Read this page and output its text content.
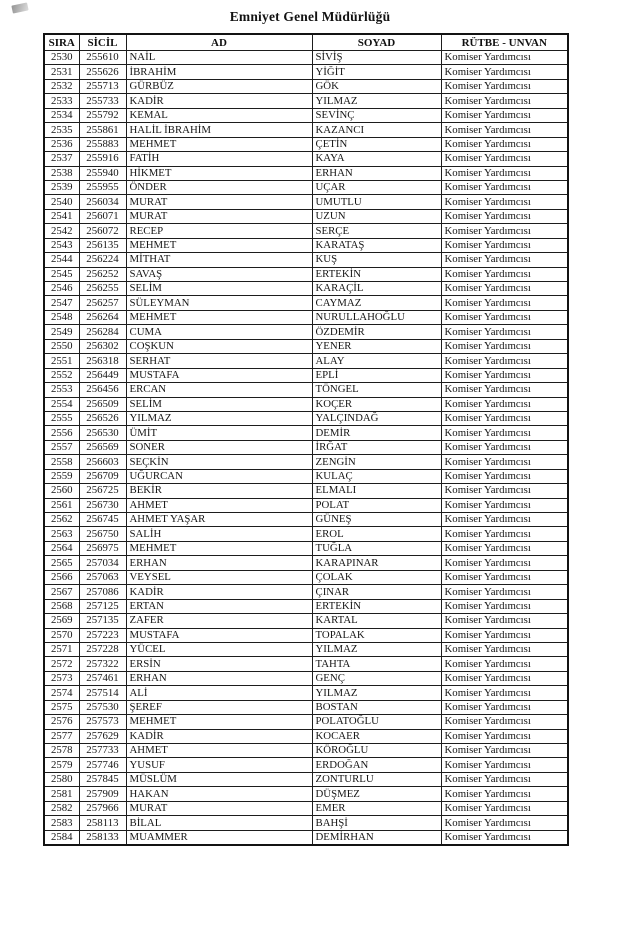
Emniyet Genel Müdürlüğü
SIRA	SİCİL	AD	SOYAD	RÜTBE - UNVAN
2530	255610	NAİL	SİVİŞ	Komiser Yardımcısı
2531	255626	İBRAHİM	YİĞİT	Komiser Yardımcısı
2532	255713	GÜRBÜZ	GÖK	Komiser Yardımcısı
2533	255733	KADİR	YILMAZ	Komiser Yardımcısı
2534	255792	KEMAL	SEVİNÇ	Komiser Yardımcısı
2535	255861	HALİL İBRAHİM	KAZANCI	Komiser Yardımcısı
2536	255883	MEHMET	ÇETİN	Komiser Yardımcısı
2537	255916	FATİH	KAYA	Komiser Yardımcısı
2538	255940	HİKMET	ERHAN	Komiser Yardımcısı
2539	255955	ÖNDER	UÇAR	Komiser Yardımcısı
2540	256034	MURAT	UMUTLU	Komiser Yardımcısı
2541	256071	MURAT	UZUN	Komiser Yardımcısı
2542	256072	RECEP	SERÇE	Komiser Yardımcısı
2543	256135	MEHMET	KARATAŞ	Komiser Yardımcısı
2544	256224	MİTHAT	KUŞ	Komiser Yardımcısı
2545	256252	SAVAŞ	ERTEKİN	Komiser Yardımcısı
2546	256255	SELİM	KARAÇİL	Komiser Yardımcısı
2547	256257	SÜLEYMAN	CAYMAZ	Komiser Yardımcısı
2548	256264	MEHMET	NURULLAHOĞLU	Komiser Yardımcısı
2549	256284	CUMA	ÖZDEMİR	Komiser Yardımcısı
2550	256302	COŞKUN	YENER	Komiser Yardımcısı
2551	256318	SERHAT	ALAY	Komiser Yardımcısı
2552	256449	MUSTAFA	EPLİ	Komiser Yardımcısı
2553	256456	ERCAN	TÖNGEL	Komiser Yardımcısı
2554	256509	SELİM	KOÇER	Komiser Yardımcısı
2555	256526	YILMAZ	YALÇINDAĞ	Komiser Yardımcısı
2556	256530	ÜMİT	DEMİR	Komiser Yardımcısı
2557	256569	SONER	İRĞAT	Komiser Yardımcısı
2558	256603	SEÇKİN	ZENGİN	Komiser Yardımcısı
2559	256709	UĞURCAN	KULAÇ	Komiser Yardımcısı
2560	256725	BEKİR	ELMALI	Komiser Yardımcısı
2561	256730	AHMET	POLAT	Komiser Yardımcısı
2562	256745	AHMET YAŞAR	GÜNEŞ	Komiser Yardımcısı
2563	256750	SALİH	EROL	Komiser Yardımcısı
2564	256975	MEHMET	TUĞLA	Komiser Yardımcısı
2565	257034	ERHAN	KARAPINAR	Komiser Yardımcısı
2566	257063	VEYSEL	ÇOLAK	Komiser Yardımcısı
2567	257086	KADİR	ÇINAR	Komiser Yardımcısı
2568	257125	ERTAN	ERTEKİN	Komiser Yardımcısı
2569	257135	ZAFER	KARTAL	Komiser Yardımcısı
2570	257223	MUSTAFA	TOPALAK	Komiser Yardımcısı
2571	257228	YÜCEL	YILMAZ	Komiser Yardımcısı
2572	257322	ERSİN	TAHTA	Komiser Yardımcısı
2573	257461	ERHAN	GENÇ	Komiser Yardımcısı
2574	257514	ALİ	YILMAZ	Komiser Yardımcısı
2575	257530	ŞEREF	BOSTAN	Komiser Yardımcısı
2576	257573	MEHMET	POLATOĞLU	Komiser Yardımcısı
2577	257629	KADİR	KOCAER	Komiser Yardımcısı
2578	257733	AHMET	KÖROĞLU	Komiser Yardımcısı
2579	257746	YUSUF	ERDOĞAN	Komiser Yardımcısı
2580	257845	MÜSLÜM	ZONTURLU	Komiser Yardımcısı
2581	257909	HAKAN	DÜŞMEZ	Komiser Yardımcısı
2582	257966	MURAT	EMER	Komiser Yardımcısı
2583	258113	BİLAL	BAHŞİ	Komiser Yardımcısı
2584	258133	MUAMMER	DEMİRHAN	Komiser Yardımcısı
